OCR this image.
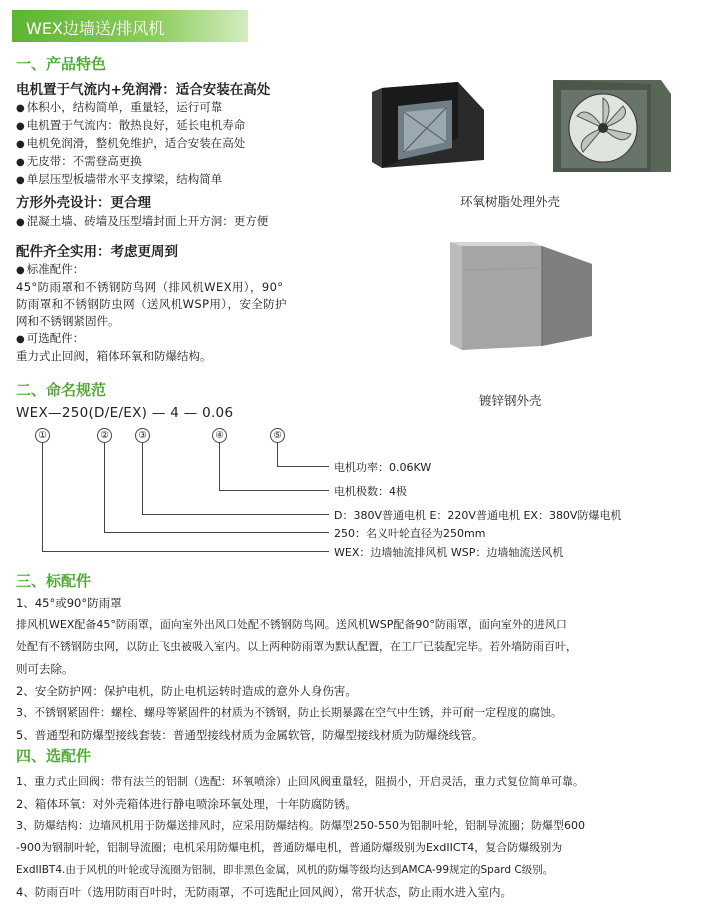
WEX边墙送/排风机
一、产品特色
电机置于气流内+免润滑：适合安装在高处
● 体积小，结构简单，重量轻，运行可靠
● 电机置于气流内：散热良好，延长电机寿命
● 电机免润滑，整机免维护，适合安装在高处
● 无皮带：不需登高更换
● 单层压型板墙带水平支撑梁，结构简单
方形外壳设计：更合理
● 混凝土墙、砖墙及压型墙封面上开方洞：更方便
配件齐全实用：考虑更周到
● 标准配件：
45°防雨罩和不锈钢防鸟网（排风机WEX用），90°
防雨罩和不锈钢防虫网（送风机WSP用），安全防护
网和不锈钢紧固件。
● 可选配件：
重力式止回阀，箱体环氧和防爆结构。
环氧树脂处理外壳
镀锌钢外壳
二、命名规范
WEX—250(D/E/EX) — 4 — 0.06
①	②	③	④	⑤
电机功率：0.06KW
电机极数：4极
D：380V普通电机 E：220V普通电机 EX：380V防爆电机
250：名义叶轮直径为250mm
WEX：边墙轴流排风机 WSP：边墙轴流送风机
三、标配件
1、45°或90°防雨罩
排风机WEX配备45°防雨罩，面向室外出风口处配不锈钢防鸟网。送风机WSP配备90°防雨罩，面向室外的进风口
处配有不锈钢防虫网，以防止飞虫被吸入室内。以上两种防雨罩为默认配置，在工厂已装配完毕。若外墙防雨百叶，
则可去除。
2、安全防护网：保护电机，防止电机运转时造成的意外人身伤害。
3、不锈钢紧固件：螺栓、螺母等紧固件的材质为不锈钢，防止长期暴露在空气中生锈，并可耐一定程度的腐蚀。
5、普通型和防爆型接线套装：普通型接线材质为金属软管，防爆型接线材质为防爆绕线管。
四、选配件
1、重力式止回阀：带有法兰的铝制（选配：环氧喷涂）止回风阀重量轻，阻损小，开启灵活，重力式复位简单可靠。
2、箱体环氧：对外壳箱体进行静电喷涂环氧处理，十年防腐防锈。
3、防爆结构：边墙风机用于防爆送排风时，应采用防爆结构。防爆型250-550为铝制叶轮，铝制导流圈；防爆型600
-900为钢制叶轮，铝制导流圈；电机采用防爆电机，普通防爆电机，普通防爆级别为ExdIICT4，复合防爆级别为
ExdIIBT4.由于风机的叶轮或导流圈为铝制，即非黑色金属，风机的防爆等级均达到AMCA-99规定的Spard C级别。
4、防雨百叶（选用防雨百叶时，无防雨罩，不可选配止回风阀），常开状态，防止雨水进入室内。
